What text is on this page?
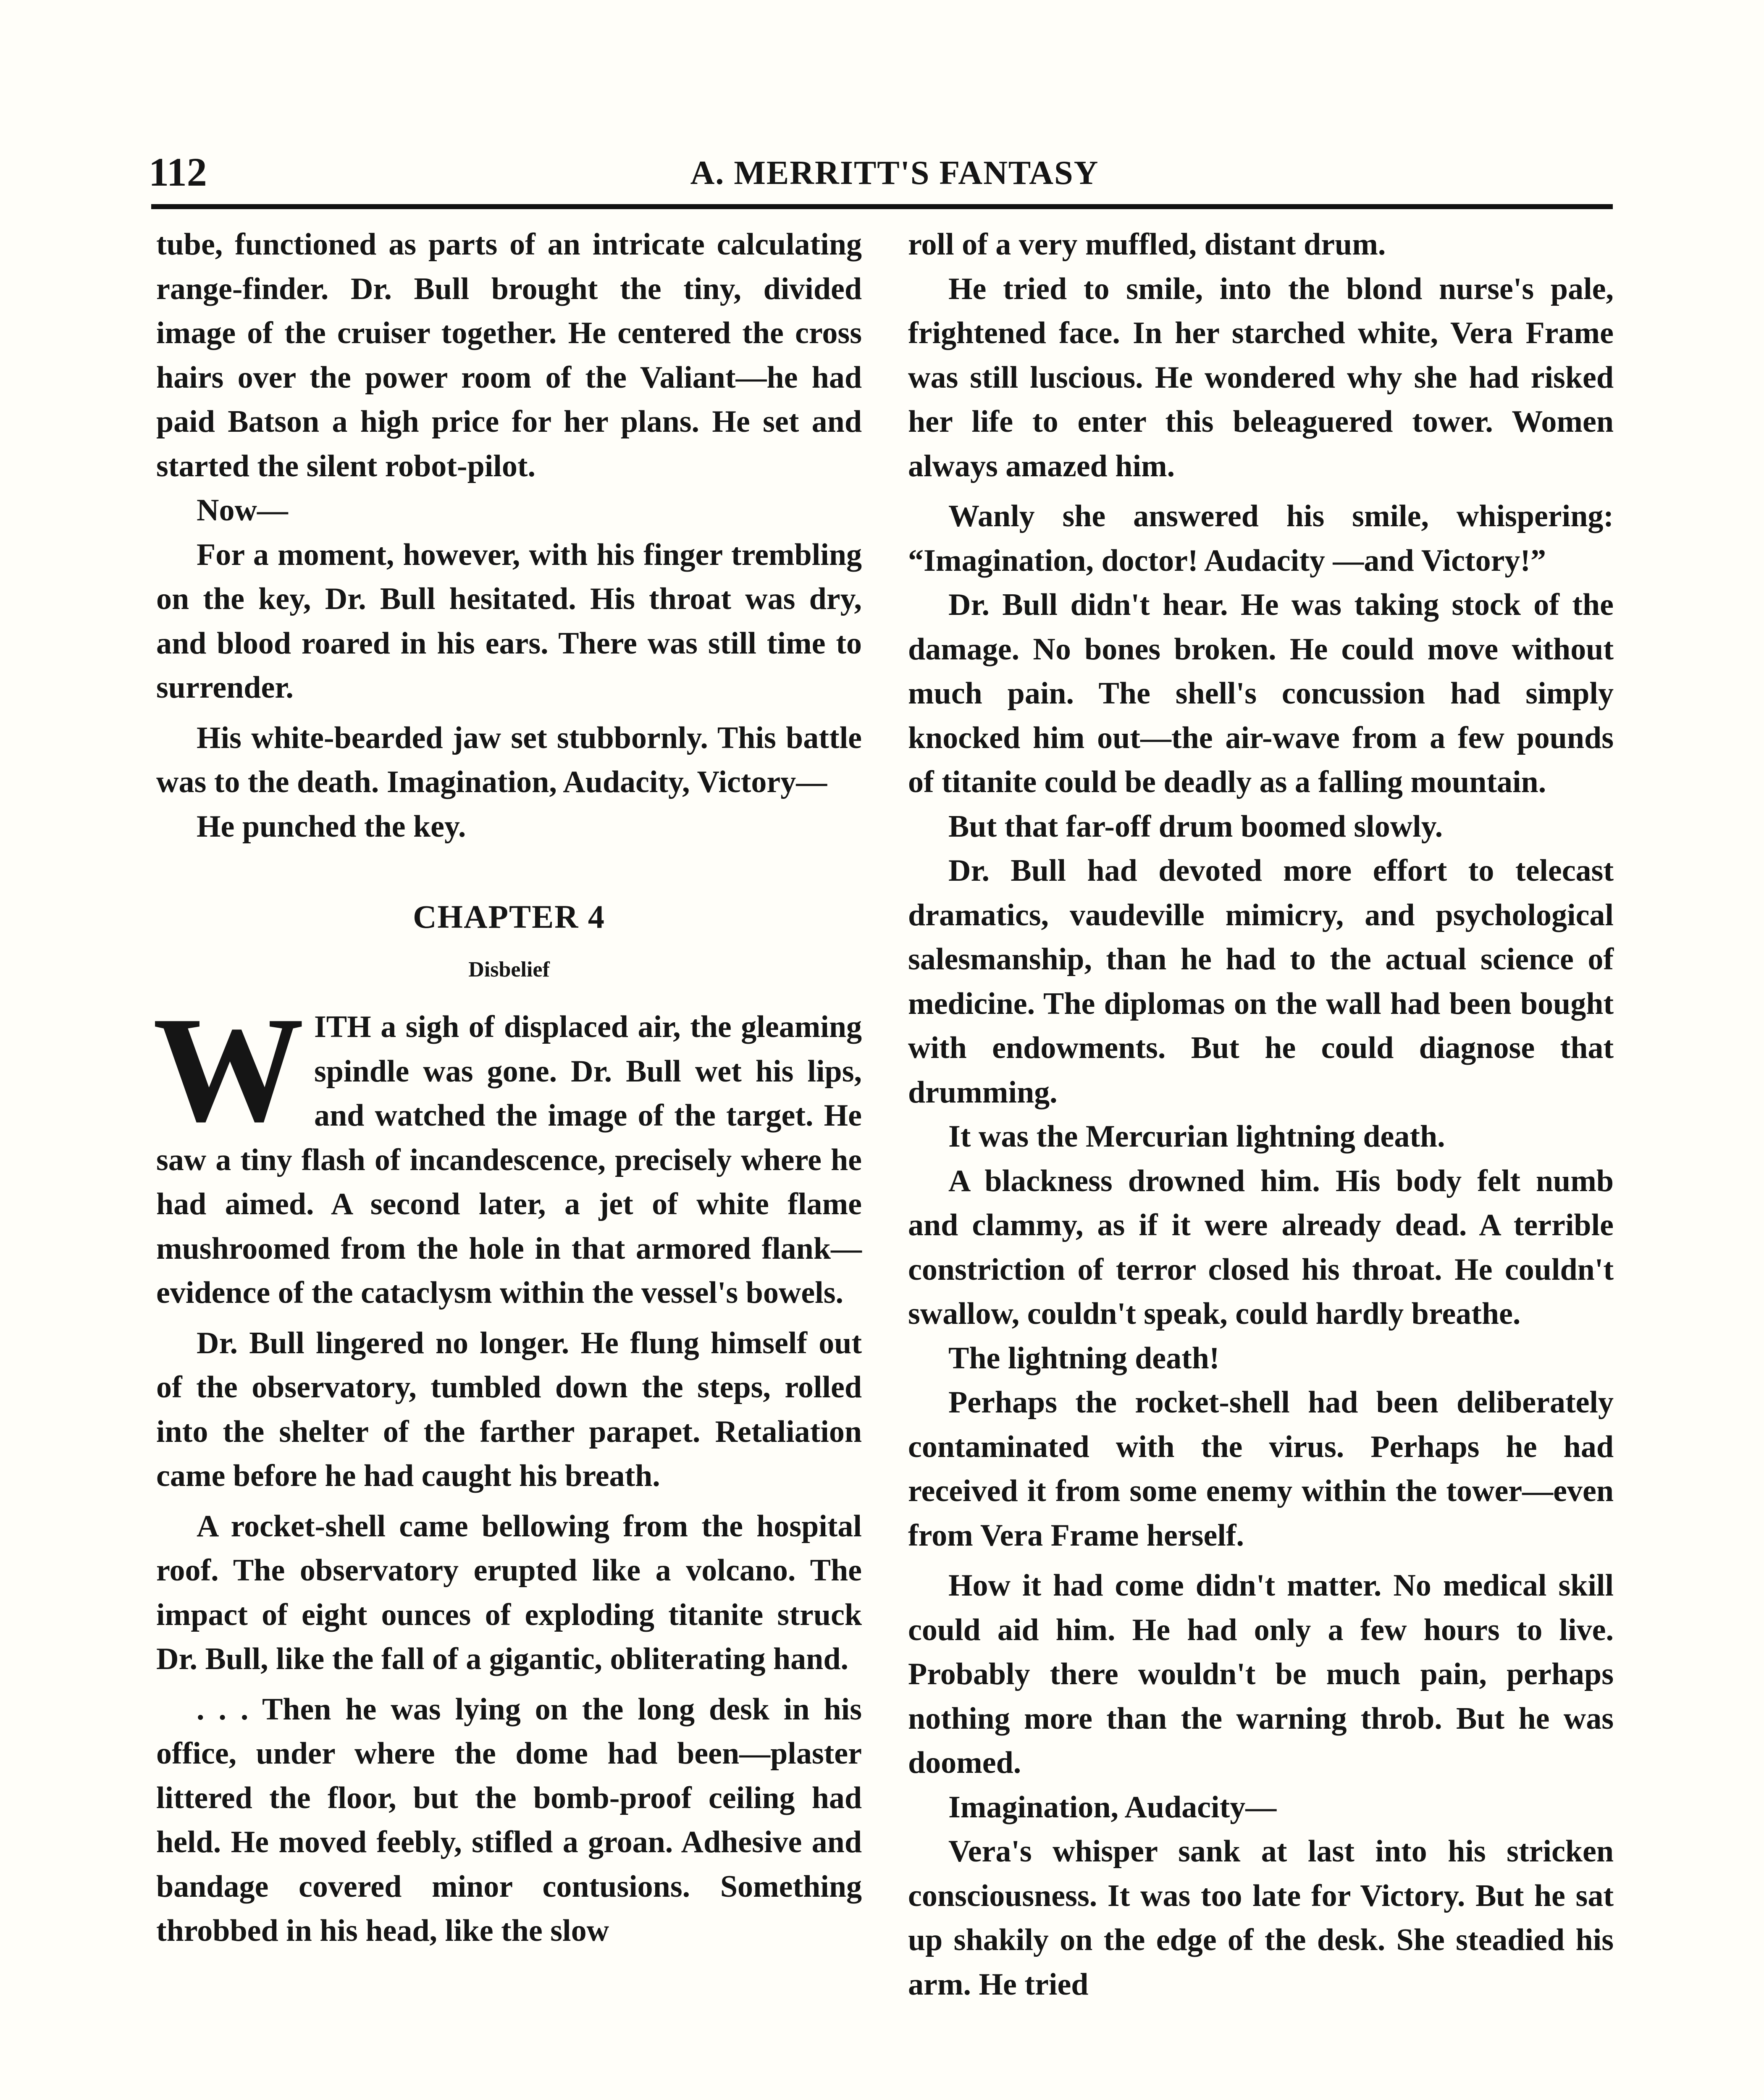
112	A. MERRITT'S FANTASY

tube, functioned as parts of an intricate calculating range-finder. Dr. Bull brought the tiny, divided image of the cruiser together. He centered the cross hairs over the power room of the Valiant—he had paid Batson a high price for her plans. He set and started the silent robot-pilot.

Now—

For a moment, however, with his finger trembling on the key, Dr. Bull hesitated. His throat was dry, and blood roared in his ears. There was still time to surrender.

His white-bearded jaw set stubbornly. This battle was to the death. Imagination, Audacity, Victory—

He punched the key.

CHAPTER 4
Disbelief

W ITH a sigh of displaced air, the gleaming spindle was gone. Dr. Bull wet his lips, and watched the image of the target. He saw a tiny flash of incandescence, precisely where he had aimed. A second later, a jet of white flame mushroomed from the hole in that armored flank—evidence of the cataclysm within the vessel's bowels.

Dr. Bull lingered no longer. He flung himself out of the observatory, tumbled down the steps, rolled into the shelter of the farther parapet. Retaliation came before he had caught his breath.

A rocket-shell came bellowing from the hospital roof. The observatory erupted like a volcano. The impact of eight ounces of exploding titanite struck Dr. Bull, like the fall of a gigantic, obliterating hand.

. . . Then he was lying on the long desk in his office, under where the dome had been—plaster littered the floor, but the bomb-proof ceiling had held. He moved feebly, stifled a groan. Adhesive and bandage covered minor contusions. Something throbbed in his head, like the slow

roll of a very muffled, distant drum.

He tried to smile, into the blond nurse's pale, frightened face. In her starched white, Vera Frame was still luscious. He wondered why she had risked her life to enter this beleaguered tower. Women always amazed him.

Wanly she answered his smile, whispering: “Imagination, doctor! Audacity —and Victory!”

Dr. Bull didn't hear. He was taking stock of the damage. No bones broken. He could move without much pain. The shell's concussion had simply knocked him out—the air-wave from a few pounds of titanite could be deadly as a falling mountain.

But that far-off drum boomed slowly.

Dr. Bull had devoted more effort to telecast dramatics, vaudeville mimicry, and psychological salesmanship, than he had to the actual science of medicine. The diplomas on the wall had been bought with endowments. But he could diagnose that drumming.

It was the Mercurian lightning death.

A blackness drowned him. His body felt numb and clammy, as if it were already dead. A terrible constriction of terror closed his throat. He couldn't swallow, couldn't speak, could hardly breathe.

The lightning death!

Perhaps the rocket-shell had been deliberately contaminated with the virus. Perhaps he had received it from some enemy within the tower—even from Vera Frame herself.

How it had come didn't matter. No medical skill could aid him. He had only a few hours to live. Probably there wouldn't be much pain, perhaps nothing more than the warning throb. But he was doomed.

Imagination, Audacity—

Vera's whisper sank at last into his stricken consciousness. It was too late for Victory. But he sat up shakily on the edge of the desk. She steadied his arm. He tried
